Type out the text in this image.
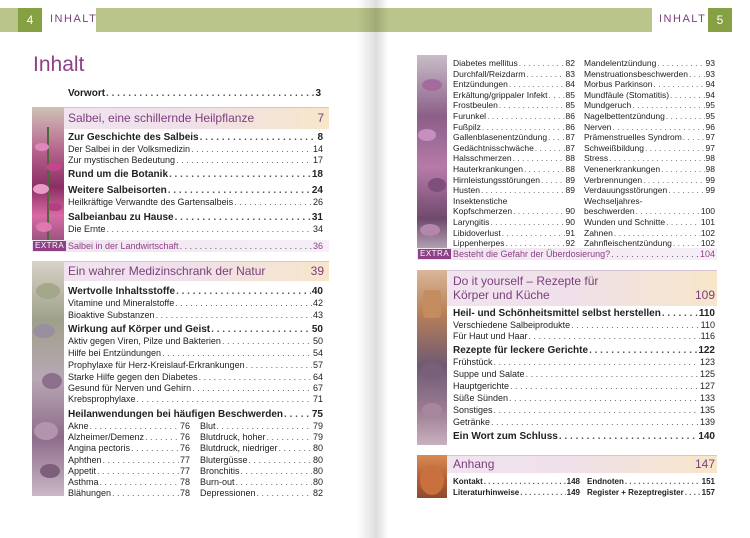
4	INHALT
Inhalt
Vorwort . . .	3
Salbei, eine schillernde Heilpflanze	7
Zur Geschichte des Salbeis . . .	8
Der Salbei in der Volksmedizin . . .	14
Zur mystischen Bedeutung . . .	17
Rund um die Botanik . . .	18
Weitere Salbeisorten . . .	24
Heilkräftige Verwandte des Gartensalbeis . . .	26
Salbeianbau zu Hause . . .	31
Die Ernte . . .	34
EXTRA Salbei in der Landwirtschaft . . .	36
Ein wahrer Medizinschrank der Natur	39
Wertvolle Inhaltsstoffe . . .	40
Vitamine und Mineralstoffe . . .	42
Bioaktive Substanzen . . .	43
Wirkung auf Körper und Geist . . .	50
Aktiv gegen Viren, Pilze und Bakterien . . .	50
Hilfe bei Entzündungen . . .	54
Prophylaxe für Herz-Kreislauf-Erkrankungen . . .	57
Starke Hilfe gegen den Diabetes . . .	64
Gesund für Nerven und Gehirn . . .	67
Krebsprophylaxe . . .	71
Heilanwendungen bei häufigen Beschwerden . . .	75
Akne . . .	76
Alzheimer/Demenz . . .	76
Angina pectoris . . .	76
Aphthen . . .	77
Appetit . . .	77
Asthma . . .	78
Blähungen . . .	78
Blut . . .	79
Blutdruck, hoher . . .	79
Blutdruck, niedriger . . .	80
Blutergüsse . . .	80
Bronchitis . . .	80
Burn-out . . .	80
Depressionen . . .	82
5
INHALT
Diabetes mellitus . . .	82
Durchfall/Reizdarm . . .	83
Entzündungen . . .	84
Erkältung/grippaler Infekt . . . 85
Frostbeulen . . .	85
Furunkel . . .	86
Fußpilz . . .	86
Gallenblasenentzündung . . . 87
Gedächtnisschwäche . . .	87
Halsschmerzen . . .	88
Hauterkrankungen . . .	88
Hirnleistungsstörungen . . .	89
Husten . . .	89
Insektenstiche
Kopfschmerzen . . .	90
Laryngitis . . .	90
Libidoverlust . . .	91
Lippenherpes . . .	92
Mandelentzündung . . .	93
Menstruationsbeschwerden . . . 93
Morbus Parkinson . . .	94
Mundfäule (Stomatitis) . . .	94
Mundgeruch . . .	95
Nagelbettentzündung . . .	95
Nerven . . .	96
Prämenstruelles Syndrom . . .	97
Schweißbildung . . .	97
Stress . . .	98
Venenerkrankungen . . .	98
Verbrennungen . . .	99
Verdauungsstörungen . . .	99
Wechseljahres-
beschwerden . . .	100
Wunden und Schnitte . . .	101
Zahnen . . .	102
Zahnfleischentzündung . . .	102
EXTRA Besteht die Gefahr der Überdosierung? . . .	104
Do it yourself – Rezepte für
Körper und Küche	109
Heil- und Schönheitsmittel selbst herstellen . . .	110
Verschiedene Salbeiprodukte . . .	110
Für Haut und Haar . . .	116
Rezepte für leckere Gerichte . . .	122
Frühstück . . .	123
Suppe und Salate . . .	125
Hauptgerichte . . .	127
Süße Sünden . . .	133
Sonstiges . . .	135
Getränke . . .	139
Ein Wort zum Schluss . . .	140
Anhang	147
Kontakt . . .	148
Literaturhinweise . . .	149
Endnoten . . .	151
Register + Rezeptregister . . . 157
